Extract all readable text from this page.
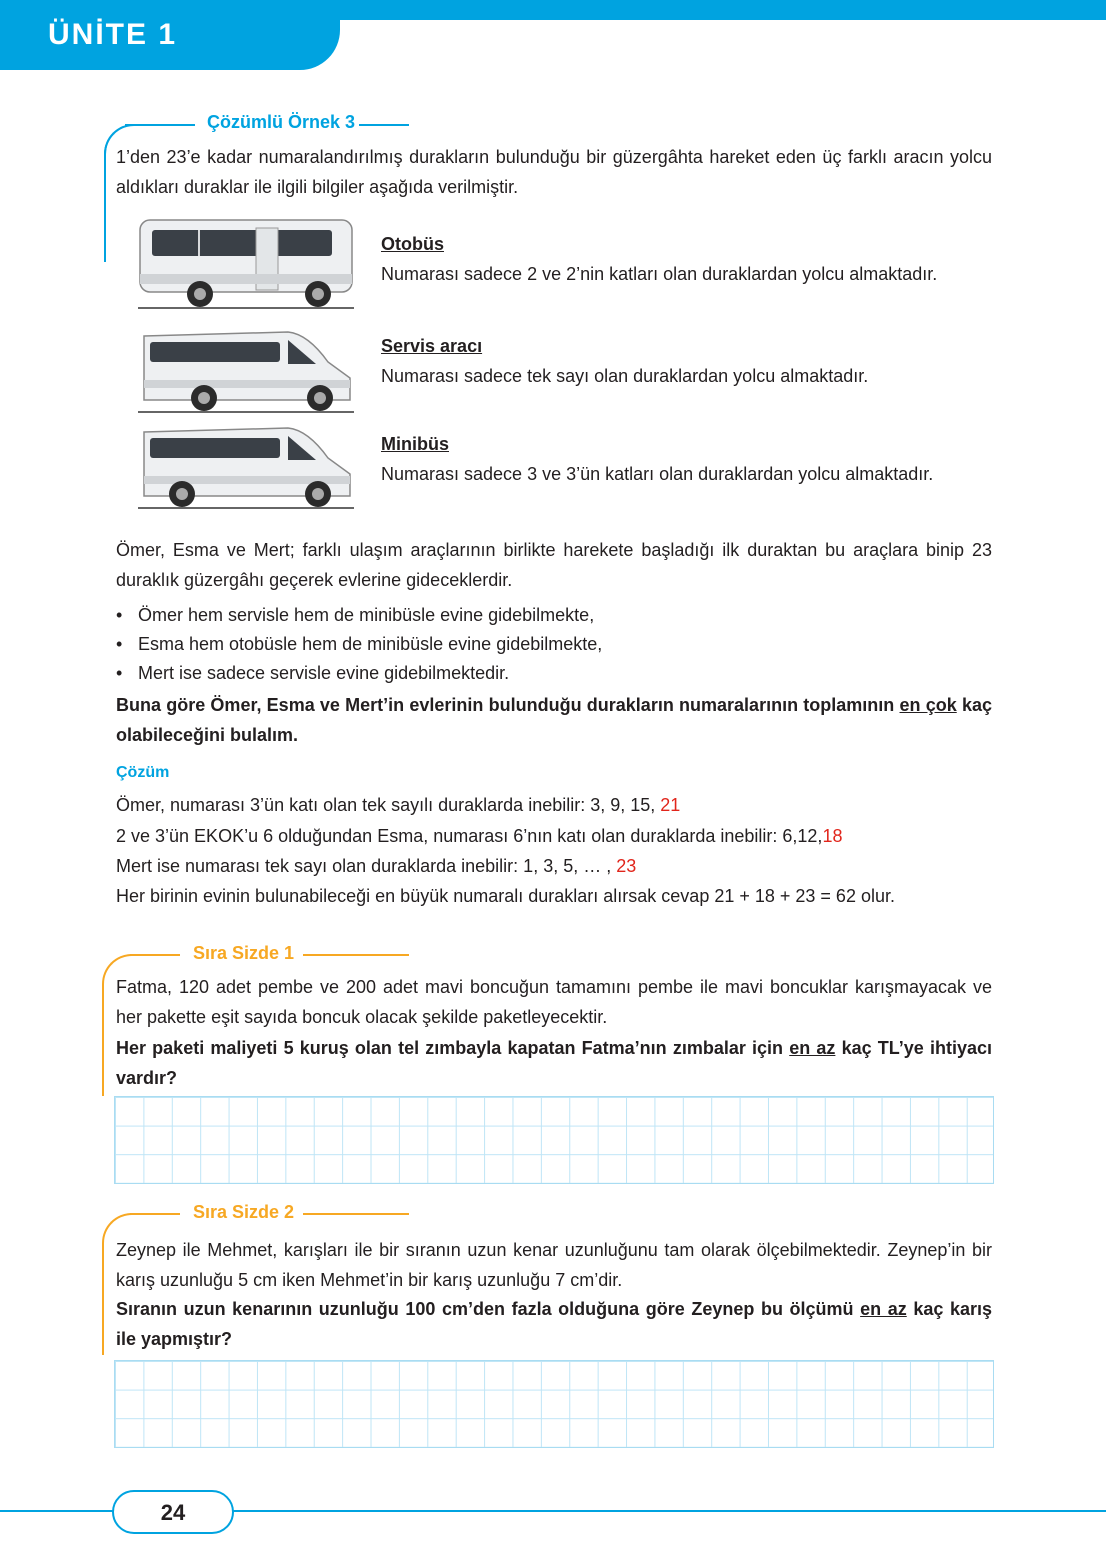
ÜNİTE 1
Çözümlü Örnek 3
1’den 23’e kadar numaralandırılmış durakların bulunduğu bir güzergâhta hareket eden üç farklı aracın yolcu aldıkları duraklar ile ilgili bilgiler aşağıda verilmiştir.
Otobüs
Numarası sadece 2 ve 2’nin katları olan duraklardan yolcu almaktadır.
Servis aracı
Numarası sadece tek sayı olan duraklardan yolcu almaktadır.
Minibüs
Numarası sadece 3 ve 3’ün katları olan duraklardan yolcu almaktadır.
Ömer, Esma ve Mert; farklı ulaşım araçlarının birlikte harekete başladığı ilk duraktan bu araçlara binip 23 duraklık güzergâhı geçerek evlerine gideceklerdir.
• Ömer hem servisle hem de minibüsle evine gidebilmekte,
• Esma hem otobüsle hem de minibüsle evine gidebilmekte,
• Mert ise sadece servisle evine gidebilmektedir.
Buna göre Ömer, Esma ve Mert’in evlerinin bulunduğu durakların numaralarının toplamının en çok kaç olabileceğini bulalım.
Çözüm
Ömer, numarası 3’ün katı olan tek sayılı duraklarda inebilir: 3, 9, 15, 21
2 ve 3’ün EKOK’u 6 olduğundan Esma, numarası 6’nın katı olan duraklarda inebilir: 6,12,18
Mert ise numarası tek sayı olan duraklarda inebilir: 1, 3, 5, … , 23
Her birinin evinin bulunabileceği en büyük numaralı durakları alırsak cevap 21 + 18 + 23 = 62 olur.
Sıra Sizde 1
Fatma, 120 adet pembe ve 200 adet mavi boncuğun tamamını pembe ile mavi boncuklar karışmayacak ve her pakette eşit sayıda boncuk olacak şekilde paketleyecektir.
Her paketi maliyeti 5 kuruş olan tel zımbayla kapatan Fatma’nın zımbalar için en az kaç TL’ye ihtiyacı vardır?
Sıra Sizde 2
Zeynep ile Mehmet, karışları ile bir sıranın uzun kenar uzunluğunu tam olarak ölçebilmektedir. Zeynep’in bir karış uzunluğu 5 cm iken Mehmet’in bir karış uzunluğu 7 cm’dir.
Sıranın uzun kenarının uzunluğu 100 cm’den fazla olduğuna göre Zeynep bu ölçümü en az kaç karış ile yapmıştır?
24
